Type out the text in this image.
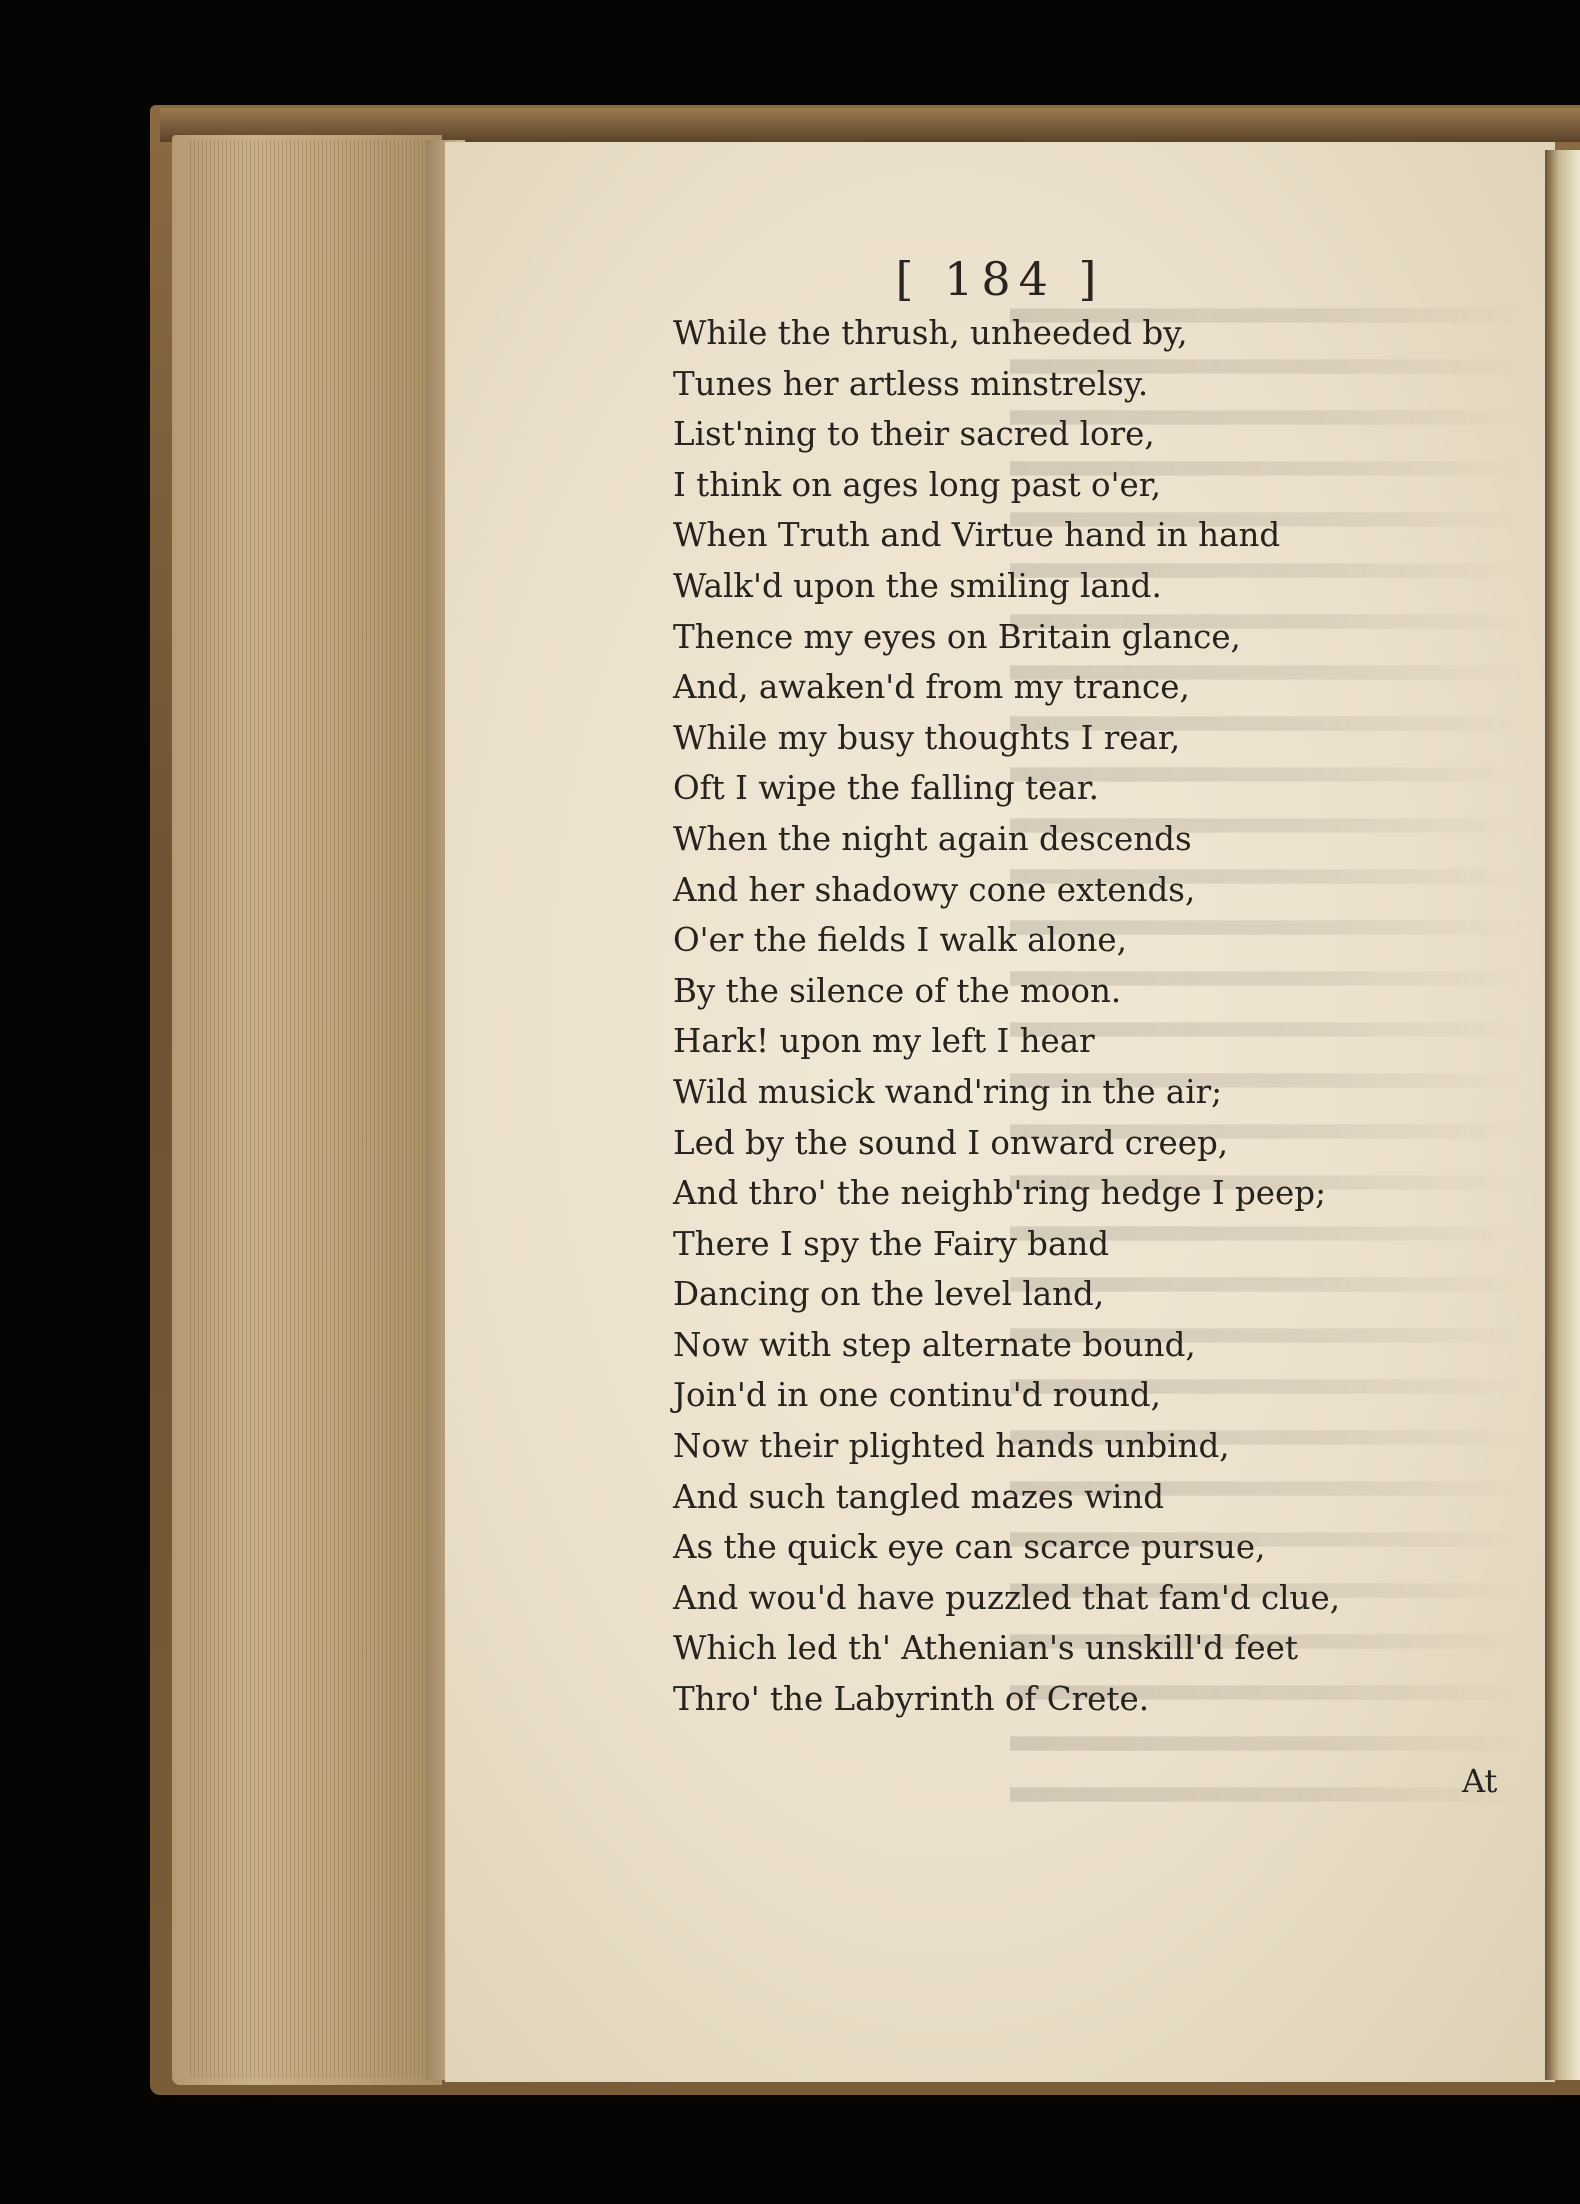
[ 184 ]
While the thrush, unheeded by,
Tunes her artless minstrelsy.
List'ning to their sacred lore,
I think on ages long past o'er,
When Truth and Virtue hand in hand
Walk'd upon the smiling land.
Thence my eyes on Britain glance,
And, awaken'd from my trance,
While my busy thoughts I rear,
Oft I wipe the falling tear.
When the night again descends
And her shadowy cone extends,
O'er the fields I walk alone,
By the silence of the moon.
Hark! upon my left I hear
Wild musick wand'ring in the air;
Led by the sound I onward creep,
And thro' the neighb'ring hedge I peep;
There I spy the Fairy band
Dancing on the level land,
Now with step alternate bound,
Join'd in one continu'd round,
Now their plighted hands unbind,
And such tangled mazes wind
As the quick eye can scarce pursue,
And wou'd have puzzled that fam'd clue,
Which led th' Athenian's unskill'd feet
Thro' the Labyrinth of Crete.
At
